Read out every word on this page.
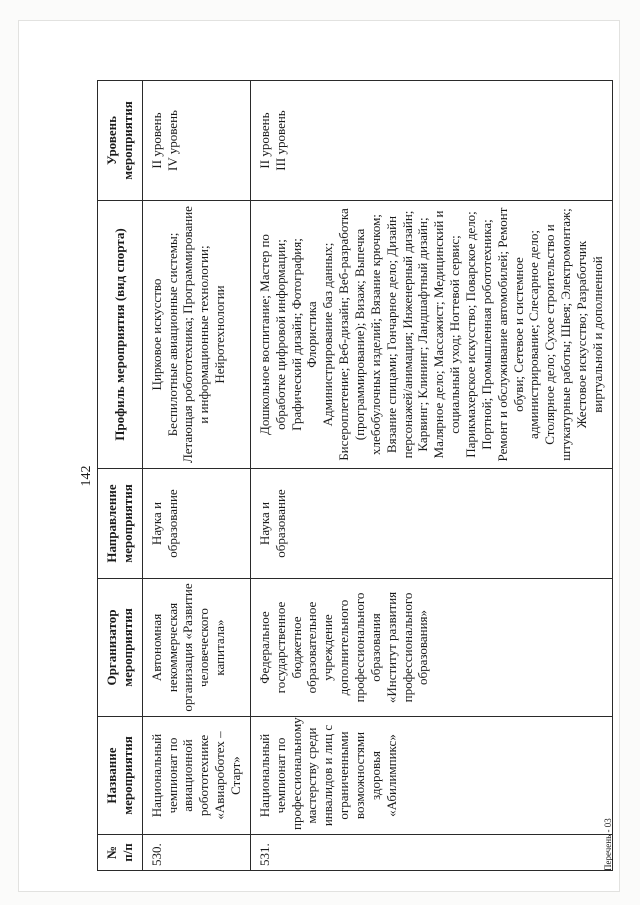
142
№ п/п	Название мероприятия	Организатор мероприятия	Направление мероприятия	Профиль мероприятия (вид спорта)	Уровень мероприятия
530.	Национальный чемпионат по авиационной робототехнике «Авиароботех – Старт»	Автономная некоммерческая организация «Развитие человеческого капитала»	Наука и образование	Цирковое искусство
Беспилотные авиационные системы; Летающая робототехника; Программирование и информационные технологии; Нейротехнологии	II уровень
IV уровень
531.	Национальный чемпионат по профессиональному мастерству среди инвалидов и лиц с ограниченными возможностями здоровья «Абилимпикс»	Федеральное государственное бюджетное образовательное учреждение дополнительного профессионального образования «Институт развития профессионального образования»	Наука и образование	Дошкольное воспитание; Мастер по обработке цифровой информации; Графический дизайн; Фотография; Флористика
Администрирование баз данных; Бисероплетение; Веб-дизайн; Веб-разработка (программирование); Визаж; Выпечка хлебобулочных изделий; Вязание крючком; Вязание спицами; Гончарное дело; Дизайн персонажей/анимация; Инженерный дизайн; Карвинг; Клининг; Ландшафтный дизайн; Малярное дело; Массажист; Медицинский и социальный уход; Ногтевой сервис; Парикмахерское искусство; Поварское дело; Портной; Промышленная робототехника; Ремонт и обслуживание автомобилей; Ремонт обуви; Сетевое и системное администрирование; Слесарное дело; Столярное дело; Сухое строительство и штукатурные работы; Швея; Электромонтаж; Жестовое искусство; Разработчик виртуальной и дополненной	II уровень
III уровень
Перечень - 03
